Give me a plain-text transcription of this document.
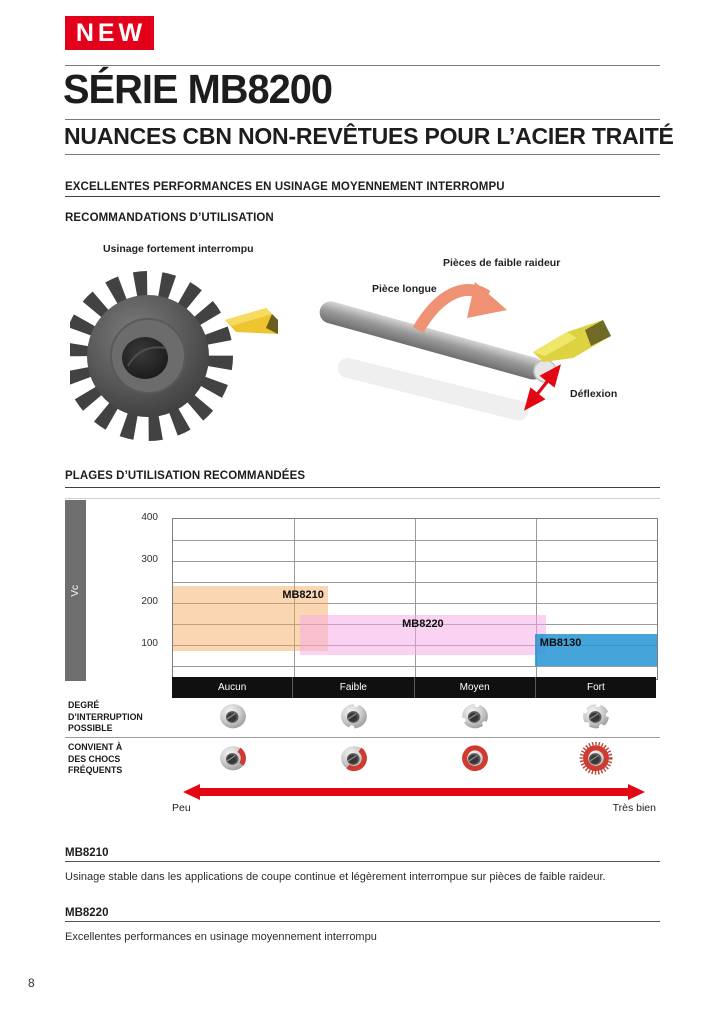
NEW
SÉRIE MB8200
NUANCES CBN NON-REVÊTUES POUR L’ACIER TRAITÉ
EXCELLENTES PERFORMANCES EN USINAGE MOYENNEMENT INTERROMPU
RECOMMANDATIONS D’UTILISATION
Usinage fortement interrompu
Pièce longue
Pièces de faible raideur
Déflexion
PLAGES D’UTILISATION RECOMMANDÉES
Vc
100
200
300
400
MB8210
MB8220
MB8130
Aucun	Faible	Moyen	Fort
DEGRÉ
D’INTERRUPTION
POSSIBLE
CONVIENT À
DES CHOCS
FRÉQUENTS
Peu	Très bien
MB8210
Usinage stable dans les applications de coupe continue et légèrement interrompue sur pièces de faible raideur.
MB8220
Excellentes performances en usinage moyennement interrompu
8
